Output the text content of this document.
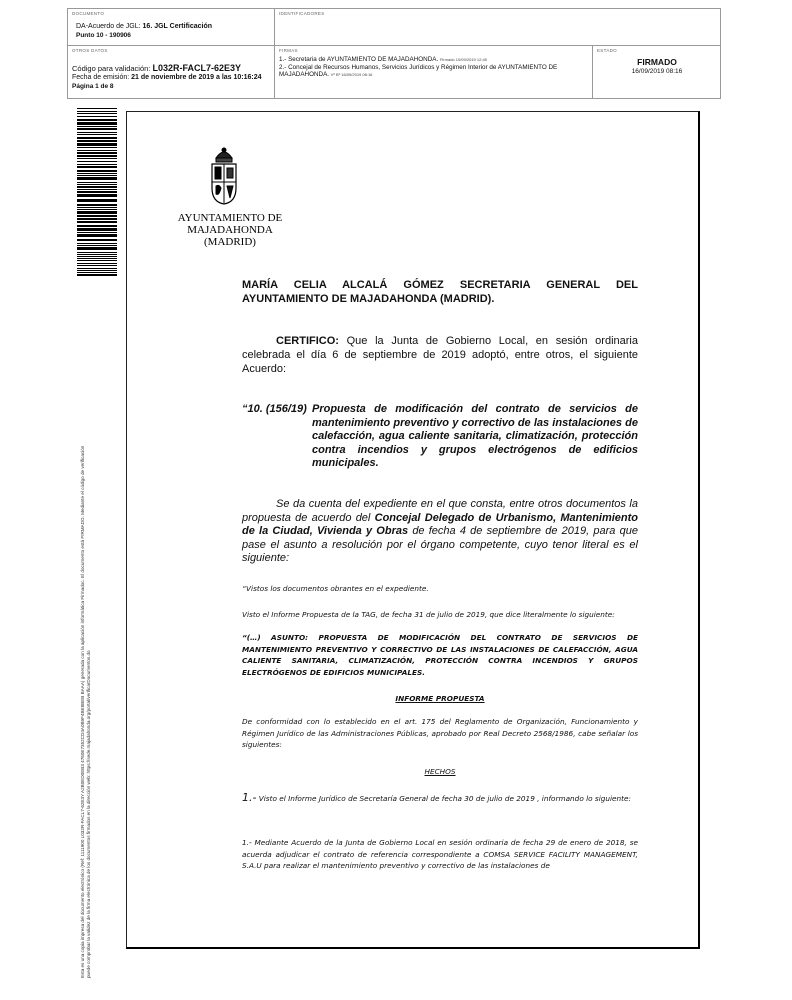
DOCUMENTO
DA-Acuerdo de JGL: 16. JGL Certificación
Punto 10 - 190906
IDENTIFICADORES
OTROS DATOS
Código para validación: L032R-FACL7-62E3Y
Fecha de emisión: 21 de noviembre de 2019 a las 10:16:24
Página 1 de 8
FIRMAS
1.- Secretaria de AYUNTAMIENTO DE MAJADAHONDA. Firmado 10/09/2019 12:45
2.- Concejal de Recursos Humanos, Servicios Jurídicos y Régimen Interior de AYUNTAMIENTO DE MAJADAHONDA. Vº Bº 16/09/2019 08:16
ESTADO
FIRMADO
16/09/2019 08:16
Esta es una copia impresa del documento electrónico (Ref: 1111900 L032R-FACL7-62E3Y A2B0ED0EB3 4760E7352CD4A0B9F4BE8BEB BAAA) generada con la aplicación informática Firmadoc. El documento está FIRMADO. Mediante el código de verificación puede comprobar la validez de la firma electrónica de los documentos firmados en la dirección web: https://sede.majadahonda.org/portal/verificarDocumentos.do
AYUNTAMIENTO DE
MAJADAHONDA
(MADRID)
MARÍA CELIA ALCALÁ GÓMEZ SECRETARIA GENERAL DEL AYUNTAMIENTO DE MAJADAHONDA (MADRID).
CERTIFICO: Que la Junta de Gobierno Local, en sesión ordinaria celebrada el día 6 de septiembre de 2019 adoptó, entre otros, el siguiente Acuerdo:
“10. (156/19) Propuesta de modificación del contrato de servicios de mantenimiento preventivo y correctivo de las instalaciones de calefacción, agua caliente sanitaria, climatización, protección contra incendios y grupos electrógenos de edificios municipales.
Se da cuenta del expediente en el que consta, entre otros documentos la propuesta de acuerdo del Concejal Delegado de Urbanismo, Mantenimiento de la Ciudad, Vivienda y Obras de fecha 4 de septiembre de 2019, para que pase el asunto a resolución por el órgano competente, cuyo tenor literal es el siguiente:
“Vistos los documentos obrantes en el expediente.
Visto el Informe Propuesta de la TAG, de fecha 31 de julio de 2019, que dice literalmente lo siguiente:
“(…) ASUNTO: PROPUESTA DE MODIFICACIÓN DEL CONTRATO DE SERVICIOS DE MANTENIMIENTO PREVENTIVO Y CORRECTIVO DE LAS INSTALACIONES DE CALEFACCIÓN, AGUA CALIENTE SANITARIA, CLIMATIZACIÓN, PROTECCIÓN CONTRA INCENDIOS Y GRUPOS ELECTRÓGENOS DE EDIFICIOS MUNICIPALES.
INFORME PROPUESTA
De conformidad con lo establecido en el art. 175 del Reglamento de Organización, Funcionamiento y Régimen Jurídico de las Administraciones Públicas, aprobado por Real Decreto 2568/1986, cabe señalar los siguientes:
HECHOS
1.- Visto el Informe Jurídico de Secretaría General de fecha 30 de julio de 2019 , informando lo siguiente:
1.- Mediante Acuerdo de la Junta de Gobierno Local en sesión ordinaria de fecha 29 de enero de 2018, se acuerda adjudicar el contrato de referencia correspondiente a COMSA SERVICE FACILITY MANAGEMENT, S.A.U para realizar el mantenimiento preventivo y correctivo de las instalaciones de
